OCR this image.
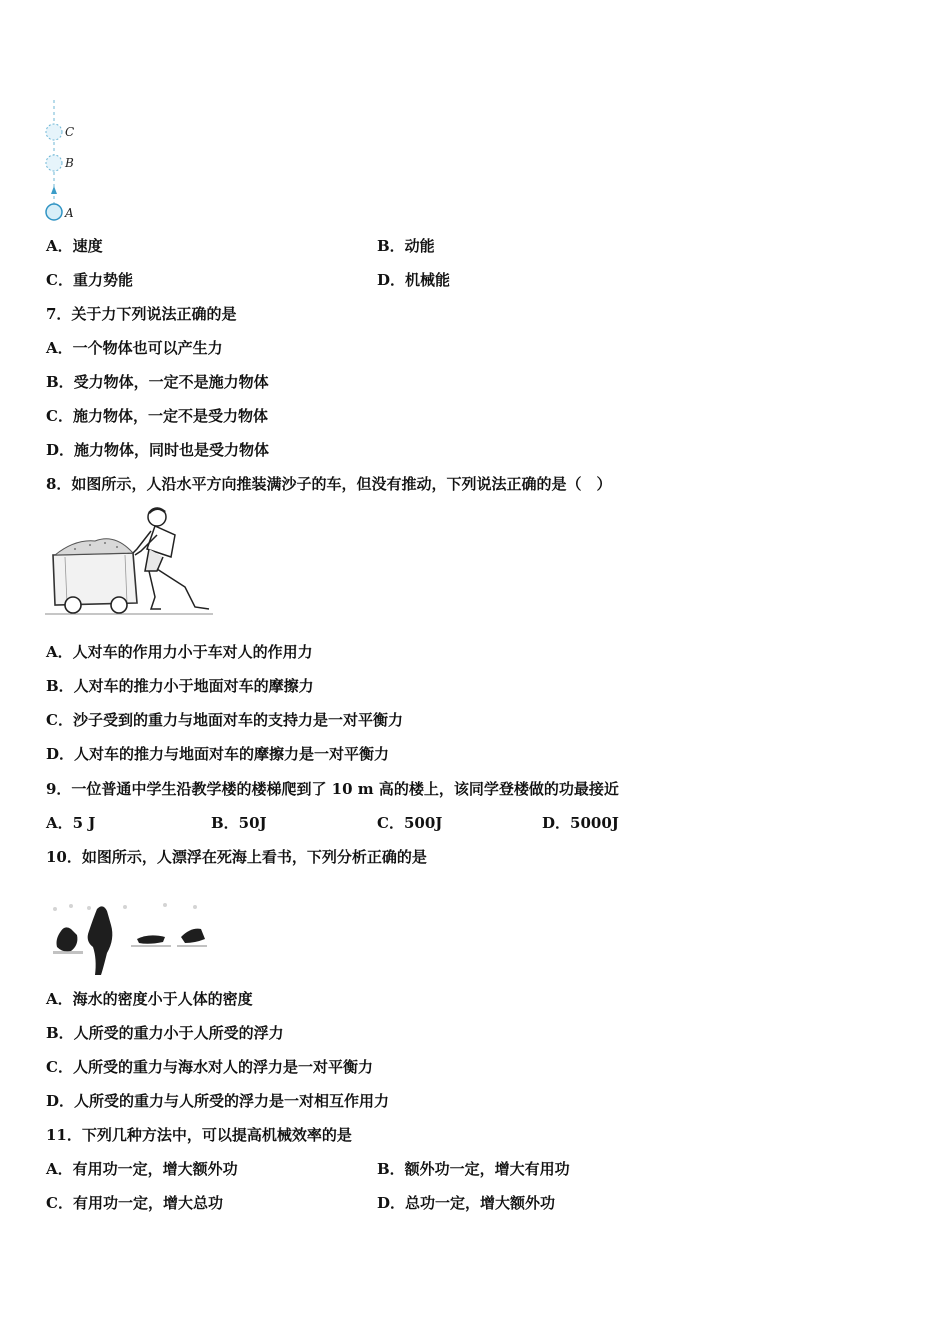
C
B
A
A．速度	B．动能
C．重力势能	D．机械能
7．关于力下列说法正确的是
A．一个物体也可以产生力
B．受力物体，一定不是施力物体
C．施力物体，一定不是受力物体
D．施力物体，同时也是受力物体
8．如图所示，人沿水平方向推装满沙子的车，但没有推动，下列说法正确的是（　）
A．人对车的作用力小于车对人的作用力
B．人对车的推力小于地面对车的摩擦力
C．沙子受到的重力与地面对车的支持力是一对平衡力
D．人对车的推力与地面对车的摩擦力是一对平衡力
9．一位普通中学生沿教学楼的楼梯爬到了 10 m 高的楼上，该同学登楼做的功最接近
A．5 J	B．50J	C．500J	D．5000J
10．如图所示，人漂浮在死海上看书，下列分析正确的是
A．海水的密度小于人体的密度
B．人所受的重力小于人所受的浮力
C．人所受的重力与海水对人的浮力是一对平衡力
D．人所受的重力与人所受的浮力是一对相互作用力
11．下列几种方法中，可以提高机械效率的是
A．有用功一定，增大额外功	B．额外功一定，增大有用功
C．有用功一定，增大总功	D．总功一定，增大额外功
